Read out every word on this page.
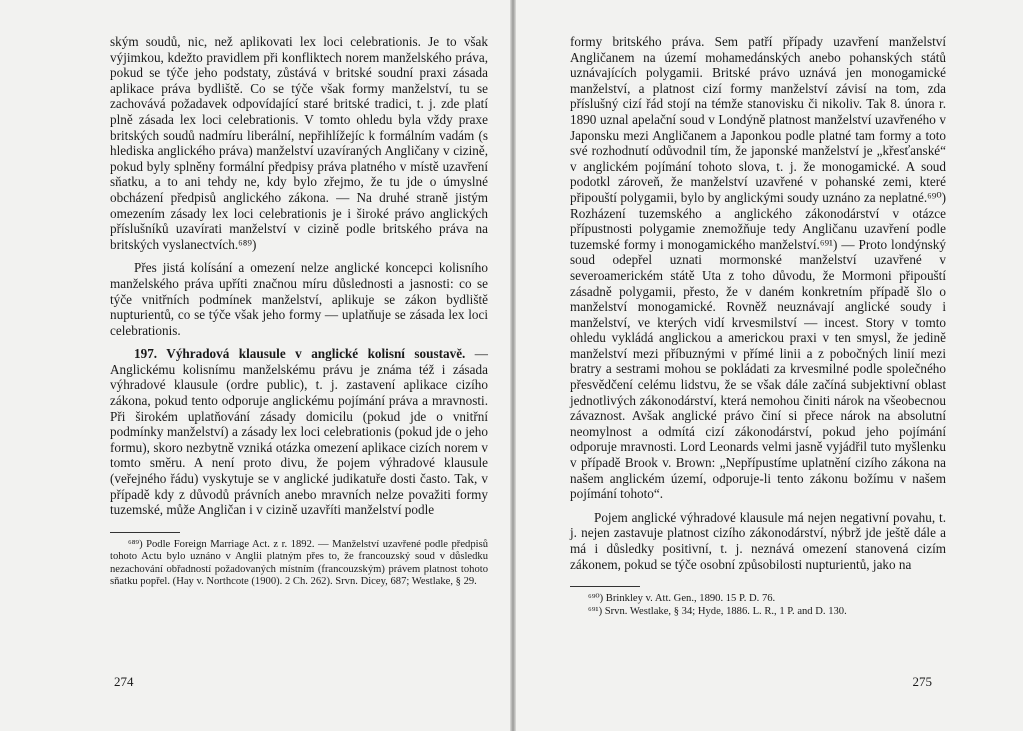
ským soudů, nic, než aplikovati lex loci celebrationis. Je to však výjimkou, kdežto pravidlem při konfliktech norem manželského práva, pokud se týče jeho podstaty, zůstává v britské soudní praxi zásada aplikace práva bydliště. Co se týče však formy manželství, tu se zachovává požadavek odpovídající staré britské tradici, t. j. zde platí plně zásada lex loci celebrationis. V tomto ohledu byla vždy praxe britských soudů nadmíru liberální, nepřihlížejíc k formálním vadám (s hlediska anglického práva) manželství uzavíraných Angličany v cizině, pokud byly splněny formální předpisy práva platného v místě uzavření sňatku, a to ani tehdy ne, kdy bylo zřejmo, že tu jde o úmyslné obcházení předpisů anglického zákona. — Na druhé straně jistým omezením zásady lex loci celebrationis je i široké právo anglických příslušníků uzavírati manželství v cizině podle britského práva na britských vyslanectvích.⁶⁸⁹)

Přes jistá kolísání a omezení nelze anglické koncepci kolisního manželského práva upříti značnou míru důslednosti a jasnosti: co se týče vnitřních podmínek manželství, aplikuje se zákon bydliště nupturientů, co se týče však jeho formy — uplatňuje se zásada lex loci celebrationis.

197. Výhradová klausule v anglické kolisní soustavě. — Anglickému kolisnímu manželskému právu je známa též i zásada výhradové klausule (ordre public), t. j. zastavení aplikace cizího zákona, pokud tento odporuje anglickému pojímání práva a mravnosti. Při širokém uplatňování zásady domicilu (pokud jde o vnitřní podmínky manželství) a zásady lex loci celebrationis (pokud jde o jeho formu), skoro nezbytně vzniká otázka omezení aplikace cizích norem v tomto směru. A není proto divu, že pojem výhradové klausule (veřejného řádu) vyskytuje se v anglické judikatuře dosti často. Tak, v případě kdy z důvodů právních anebo mravních nelze považiti formy tuzemské, může Angličan i v cizině uzavříti manželství podle

⁶⁸⁹) Podle Foreign Marriage Act. z r. 1892. — Manželství uzavřené podle předpisů tohoto Actu bylo uznáno v Anglii platným přes to, že francouzský soud v důsledku nezachování obřadností požadovaných místním (francouzským) právem platnost tohoto sňatku popřel. (Hay v. Northcote (1900). 2 Ch. 262). Srvn. Dicey, 687; Westlake, § 29.

274

formy britského práva. Sem patří případy uzavření manželství Angličanem na území mohamedánských anebo pohanských států uznávajících polygamii. Britské právo uznává jen monogamické manželství, a platnost cizí formy manželství závisí na tom, zda příslušný cizí řád stojí na témže stanovisku či nikoliv. Tak 8. února r. 1890 uznal apelační soud v Londýně platnost manželství uzavřeného v Japonsku mezi Angličanem a Japonkou podle platné tam formy a toto své rozhodnutí odůvodnil tím, že japonské manželství je „křesťanské“ v anglickém pojímání tohoto slova, t. j. že monogamické. A soud podotkl zároveň, že manželství uzavřené v pohanské zemi, které připouští polygamii, bylo by anglickými soudy uznáno za neplatné.⁶⁹⁰) Rozházení tuzemského a anglického zákonodárství v otázce přípustnosti polygamie znemožňuje tedy Angličanu uzavření podle tuzemské formy i monogamického manželství.⁶⁹¹) — Proto londýnský soud odepřel uznati mormonské manželství uzavřené v severoamerickém státě Uta z toho důvodu, že Mormoni připouští zásadně polygamii, přesto, že v daném konkretním případě šlo o manželství monogamické. Rovněž neuznávají anglické soudy i manželství, ve kterých vidí krvesmilství — incest. Story v tomto ohledu vykládá anglickou a americkou praxi v ten smysl, že jedině manželství mezi příbuznými v přímé linii a z pobočných linií mezi bratry a sestrami mohou se pokládati za krvesmilné podle společného přesvědčení celému lidstvu, že se však dále začíná subjektivní oblast jednotlivých zákonodárství, která nemohou činiti nárok na všeobecnou závaznost. Avšak anglické právo činí si přece nárok na absolutní neomylnost a odmítá cizí zákonodárství, pokud jeho pojímání odporuje mravnosti. Lord Leonards velmi jasně vyjádřil tuto myšlenku v případě Brook v. Brown: „Nepřípustíme uplatnění cizího zákona na našem anglickém území, odporuje-li tento zákonu božímu v našem pojímání tohoto“.

Pojem anglické výhradové klausule má nejen negativní povahu, t. j. nejen zastavuje platnost cizího zákonodárství, nýbrž jde ještě dále a má i důsledky positivní, t. j. neznává omezení stanovená cizím zákonem, pokud se týče osobní způsobilosti nupturientů, jako na

⁶⁹⁰) Brinkley v. Att. Gen., 1890. 15 P. D. 76.

⁶⁹¹) Srvn. Westlake, § 34; Hyde, 1886. L. R., 1 P. and D. 130.

275
